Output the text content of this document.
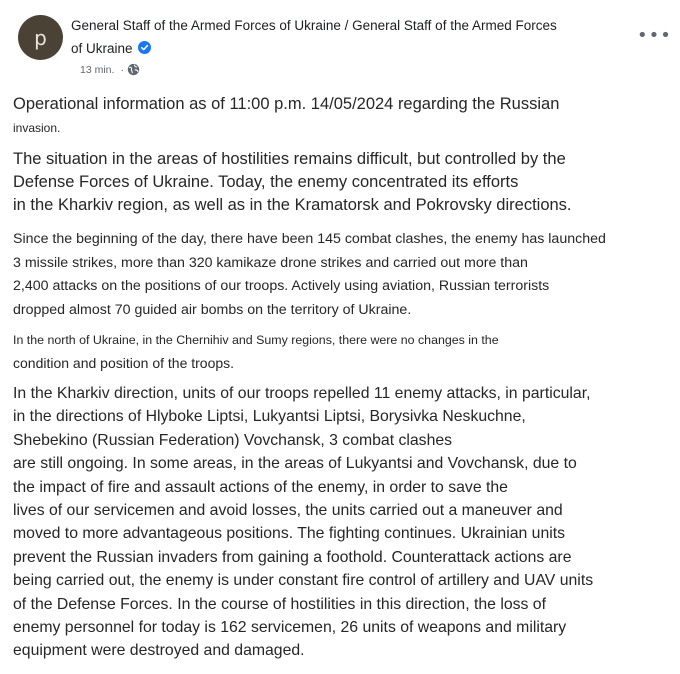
p General Staff of the Armed Forces of Ukraine / General Staff of the Armed Forces
of Ukraine
13 min. ·
•••

Operational information as of 11:00 p.m. 14/05/2024 regarding the Russian
invasion.

The situation in the areas of hostilities remains difficult, but controlled by the
Defense Forces of Ukraine. Today, the enemy concentrated its efforts
in the Kharkiv region, as well as in the Kramatorsk and Pokrovsky directions.

Since the beginning of the day, there have been 145 combat clashes, the enemy has launched
3 missile strikes, more than 320 kamikaze drone strikes and carried out more than
2,400 attacks on the positions of our troops. Actively using aviation, Russian terrorists
dropped almost 70 guided air bombs on the territory of Ukraine.

In the north of Ukraine, in the Chernihiv and Sumy regions, there were no changes in the
condition and position of the troops.

In the Kharkiv direction, units of our troops repelled 11 enemy attacks, in particular,
in the directions of Hlyboke Liptsi, Lukyantsi Liptsi, Borysivka Neskuchne,
Shebekino (Russian Federation) Vovchansk, 3 combat clashes
are still ongoing. In some areas, in the areas of Lukyantsi and Vovchansk, due to
the impact of fire and assault actions of the enemy, in order to save the
lives of our servicemen and avoid losses, the units carried out a maneuver and
moved to more advantageous positions. The fighting continues. Ukrainian units
prevent the Russian invaders from gaining a foothold. Counterattack actions are
being carried out, the enemy is under constant fire control of artillery and UAV units
of the Defense Forces. In the course of hostilities in this direction, the loss of
enemy personnel for today is 162 servicemen, 26 units of weapons and military
equipment were destroyed and damaged.
